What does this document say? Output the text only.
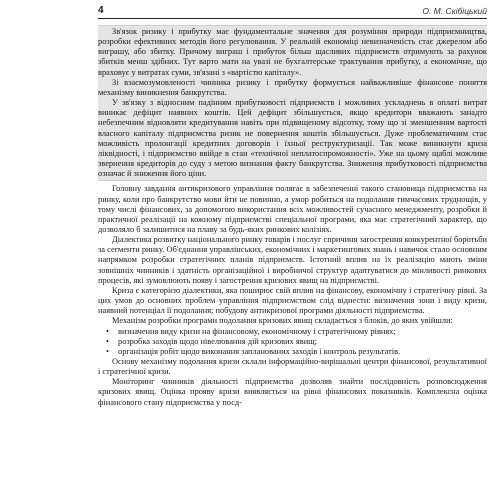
4	О. М. Скібіцький

Зв'язок ризику і прибутку має фундаментальне значення для розуміння природи підприємництва, розробки ефективних методів його регулювання. У реальній економіці невизначеність стає джерелом або виграшу, або збитку. Причому виграш і прибуток більш щасливих підприємств отримують за рахунок збитків менш здібних. Тут варто мати на увазі не бухгалтерське трактування прибутку, а економічне, що враховує у витратах суми, зв'язані з «вартістю капіталу».

Зі взаємозумовленості чинника ризику і прибутку формується найважливіше фінансове поняття механізму виникнення банкрутства.

У зв'язку з відносним падінням прибутковості підприємств і можливих ускладнень в оплаті витрат виникає дефіцит наявних коштів. Цей дефіцит збільшується, якщо кредитори вважають занадто небезпечним відновляти кредитування навіть при підвищеному відсотку, тому що зі зменшенням вартості власного капіталу підприємства ризик не повернення коштів збільшується. Дуже проблематичним стає можливість пролонгації кредитних договорів і їхньої реструктуризації. Так може виникнути криза ліквідності, і підприємство ввійде в стан «технічної неплатоспроможності». Уже на цьому щаблі можливе звернення кредиторів до суду з метою визнання факту банкрутства. Зниження прибутковості підприємства означає й зниження його ціни.

Головну завдання антикризового управління полягає в забезпеченні такого становища підприємства на ринку, коли про банкрутство мови йти не повинно, а умор робиться на подолання тимчасових труднощів, у тому числі фінансових, за допомогою використання всіх можливостей сучасного менеджменту, розробки й практичної реалізації на кожному підприємстві спеціальної програми, яка має стратегічний характер, що дозволяло б залишитися на плаву за будь-яких ринкових колізіях.

Діалектика розвитку національного ринку товарів і послуг спричиня загострення конкурентної боротьби за сегменти ринку. Об'єднання управлінських, економічних і маркетингових знань і навичок стало основним напрямком розробки стратегічних планів підприємств. Істотний вплив на їх реалізацію мають зміни зовнішніх чинників і здатність організаційної і виробничої структур адаптуватися до мінливості ринкових процесів, які зумовлюють появу і загострення кризових явищ на підприємстві.

Криза є категорією діалектики, яка поширює свій вплив на фінансову, економічну і стратегічну рівні. За цих умов до основних проблем управління підприємством слід віднести: визначення зони і виду кризи, наявний потенціал її подолання; побудову антикризової програми діяльності підприємства.

Механізм розробки програми подолання кризових явищ складається з блоків, до яких увійшли:

• визначення виду кризи на фінансовому, економічному і стратегічному рівнях;
• розробка заходів щодо нівелювання дій кризових явищ;
• організація робіт щодо виконання запланованих заходів і контроль результатів.

Основу механізму подолання кризи склали інформаційно-вирішальні центри фінансової, результативної і стратегічної кризи.

Моніторинг чинників діяльності підприємства дозволяв знайти послідовність розповсюдження кризових явищ. Оцінка прояву кризи виявляється на рівні фінансових показників. Комплексна оцінка фінансового стану підприємства у посд-
